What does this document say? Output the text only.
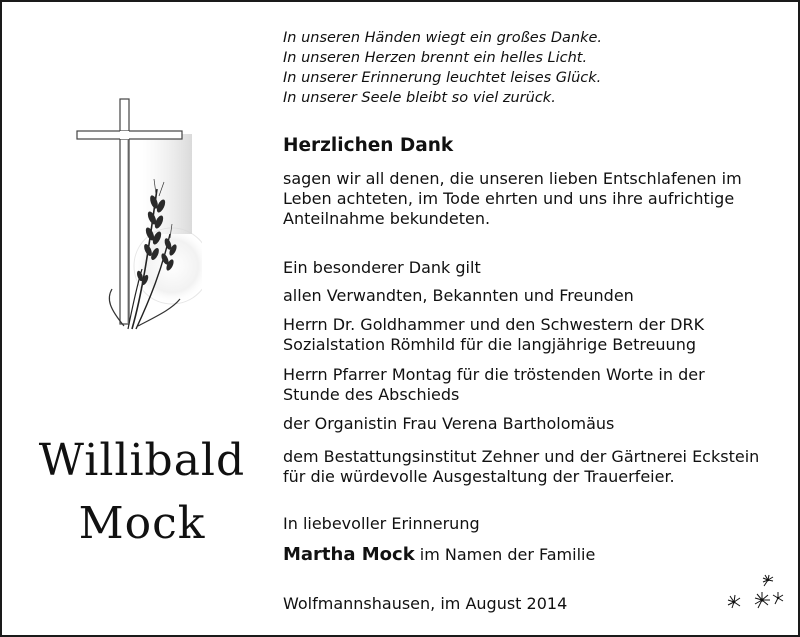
In unseren Händen wiegt ein großes Danke.
In unseren Herzen brennt ein helles Licht.
In unserer Erinnerung leuchtet leises Glück.
In unserer Seele bleibt so viel zurück.
Willibald
Mock
Herzlichen Dank
sagen wir all denen, die unseren lieben Entschlafenen im
Leben achteten, im Tode ehrten und uns ihre aufrichtige
Anteilnahme bekundeten.
Ein besonderer Dank gilt
allen Verwandten, Bekannten und Freunden
Herrn Dr. Goldhammer und den Schwestern der DRK
Sozialstation Römhild für die langjährige Betreuung
Herrn Pfarrer Montag für die tröstenden Worte in der
Stunde des Abschieds
der Organistin Frau Verena Bartholomäus
dem Bestattungsinstitut Zehner und der Gärtnerei Eckstein
für die würdevolle Ausgestaltung der Trauerfeier.
In liebevoller Erinnerung
Martha Mock im Namen der Familie
Wolfmannshausen, im August 2014
